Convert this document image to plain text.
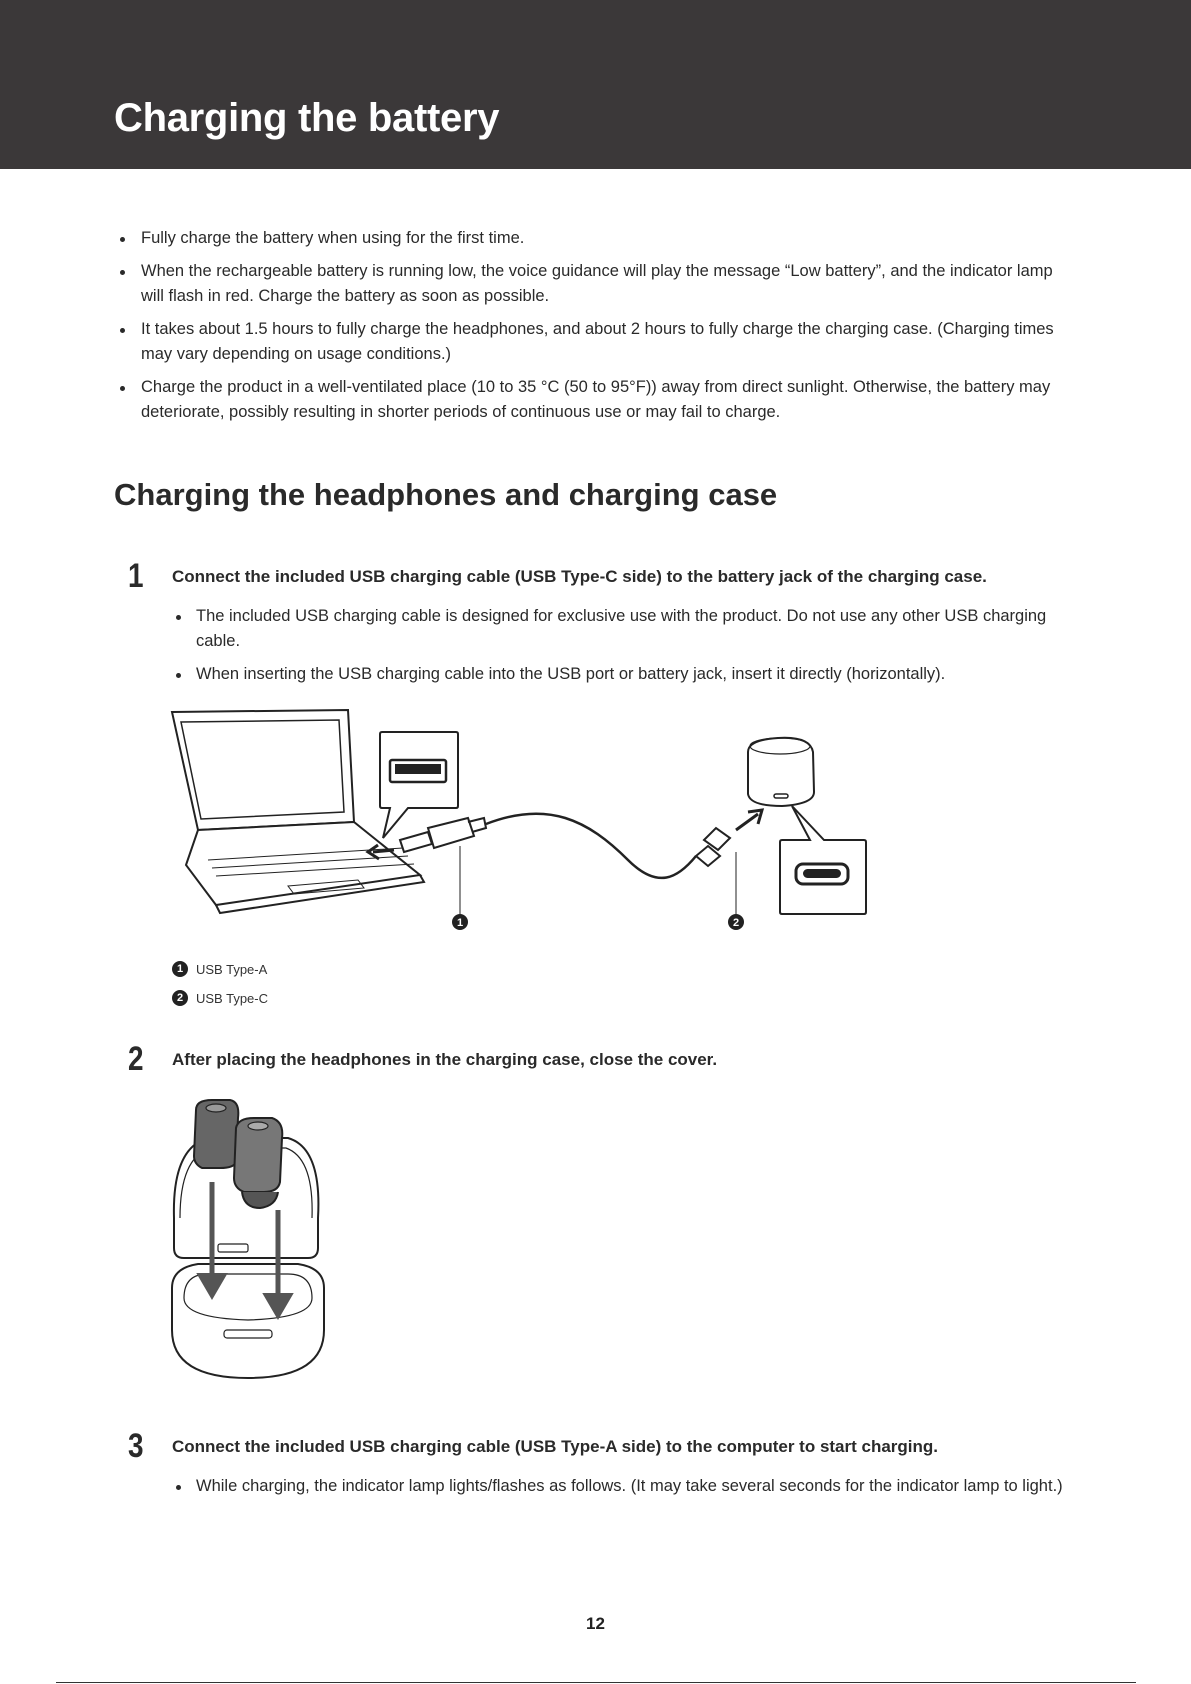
Charging the battery
Fully charge the battery when using for the first time.
When the rechargeable battery is running low, the voice guidance will play the message “Low battery”, and the indicator lamp will flash in red. Charge the battery as soon as possible.
It takes about 1.5 hours to fully charge the headphones, and about 2 hours to fully charge the charging case. (Charging times may vary depending on usage conditions.)
Charge the product in a well-ventilated place (10 to 35 °C (50 to 95°F)) away from direct sunlight. Otherwise, the battery may deteriorate, possibly resulting in shorter periods of continuous use or may fail to charge.
Charging the headphones and charging case
1 Connect the included USB charging cable (USB Type-C side) to the battery jack of the charging case.
The included USB charging cable is designed for exclusive use with the product. Do not use any other USB charging cable.
When inserting the USB charging cable into the USB port or battery jack, insert it directly (horizontally).
1	2
1 USB Type-A
2 USB Type-C
2 After placing the headphones in the charging case, close the cover.
3 Connect the included USB charging cable (USB Type-A side) to the computer to start charging.
While charging, the indicator lamp lights/flashes as follows. (It may take several seconds for the indicator lamp to light.)
12
